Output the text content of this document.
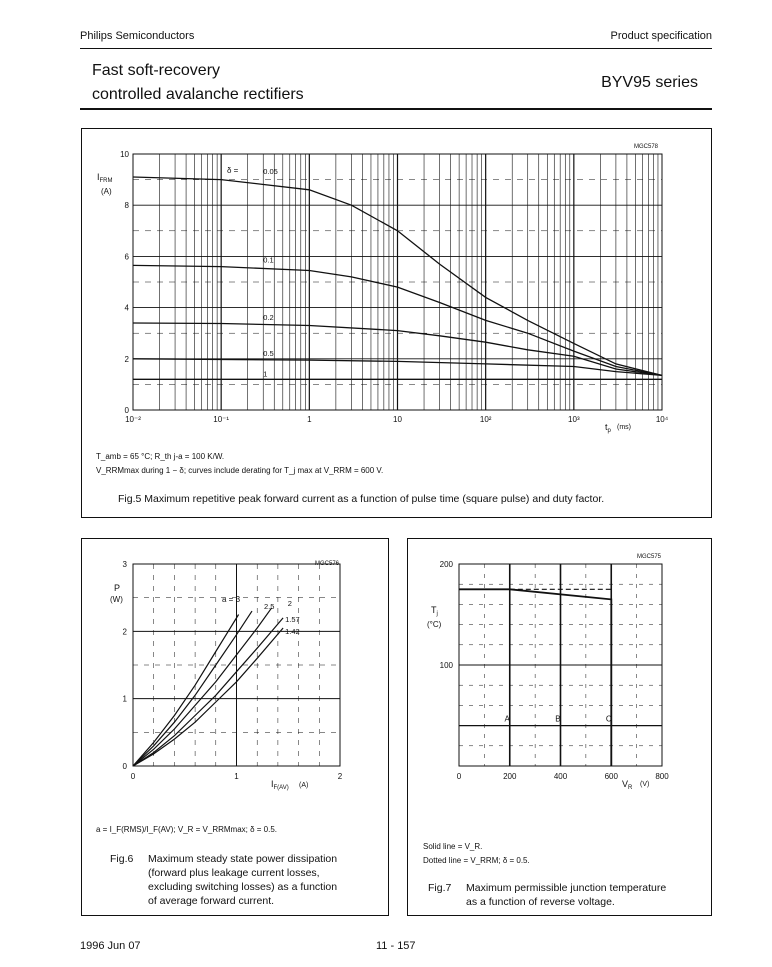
Philips Semiconductors	Product specification
Fast soft-recovery
controlled avalanche rectifiers
BYV95 series
10⁻²	10⁻¹	1	10	10²	10³	10⁴
0
2
4
6
8
10
0.05
0.1
0.2
0.5
1
MGC578
$I_{FRM}$
(A)
$t_p$ (ms)
δ =
T_amb = 65 °C; R_th j-a = 100 K/W.
V_RRMmax during 1 − δ; curves include derating for T_j max at V_RRM = 600 V.
Fig.5 Maximum repetitive peak forward current as a function of pulse time (square pulse) and duty factor.
0	1	2
0
1
2
3
2.5 2
1.57
1.42
MGC576
P
(W)
$I_{F(AV)}$ (A)
a = 3
a = I_F(RMS)/I_F(AV); V_R = V_RRMmax; δ = 0.5.
Fig.6 Maximum steady state power dissipation
(forward plus leakage current losses,
excluding switching losses) as a function
of average forward current.
0	200	400	600	800
100
200
A	B	C
MGC575
$T_j$
(°C)
$V_R$ (V)
Solid line = V_R.
Dotted line = V_RRM; δ = 0.5.
Fig.7 Maximum permissible junction temperature
as a function of reverse voltage.
1996 Jun 07	11 - 157
